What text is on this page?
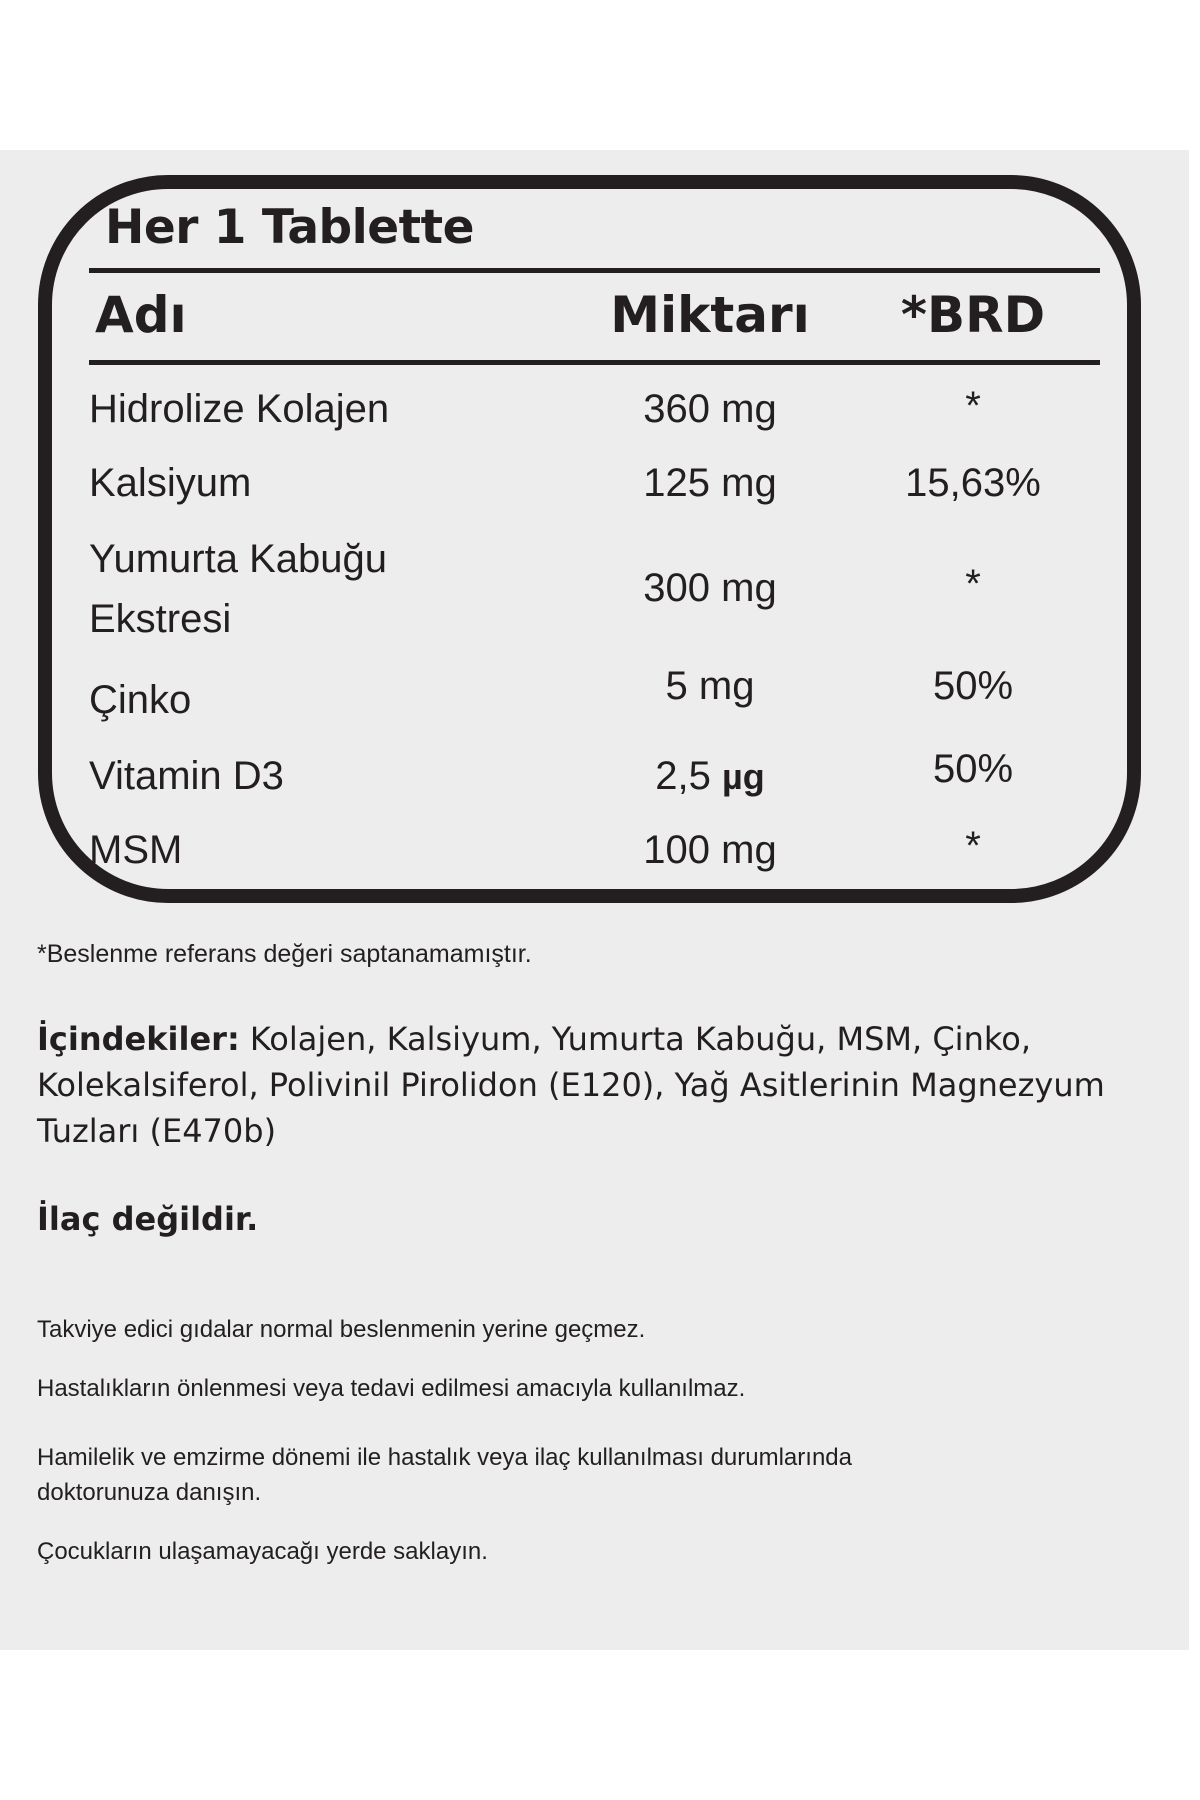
Her 1 Tablette
Adı	Miktarı	*BRD
Hidrolize Kolajen	360 mg	*
Kalsiyum	125 mg	15,63%
Yumurta Kabuğu
Ekstresi
300 mg	*
Çinko	5 mg	50%
Vitamin D3	2,5 µg	50%
MSM	100 mg	*

*Beslenme referans değeri saptanamamıştır.

İçindekiler: Kolajen, Kalsiyum, Yumurta Kabuğu, MSM, Çinko, Kolekalsiferol, Polivinil Pirolidon (E120), Yağ Asitlerinin Magnezyum Tuzları (E470b)

İlaç değildir.

Takviye edici gıdalar normal beslenmenin yerine geçmez.

Hastalıkların önlenmesi veya tedavi edilmesi amacıyla kullanılmaz.

Hamilelik ve emzirme dönemi ile hastalık veya ilaç kullanılması durumlarında doktorunuza danışın.

Çocukların ulaşamayacağı yerde saklayın.
